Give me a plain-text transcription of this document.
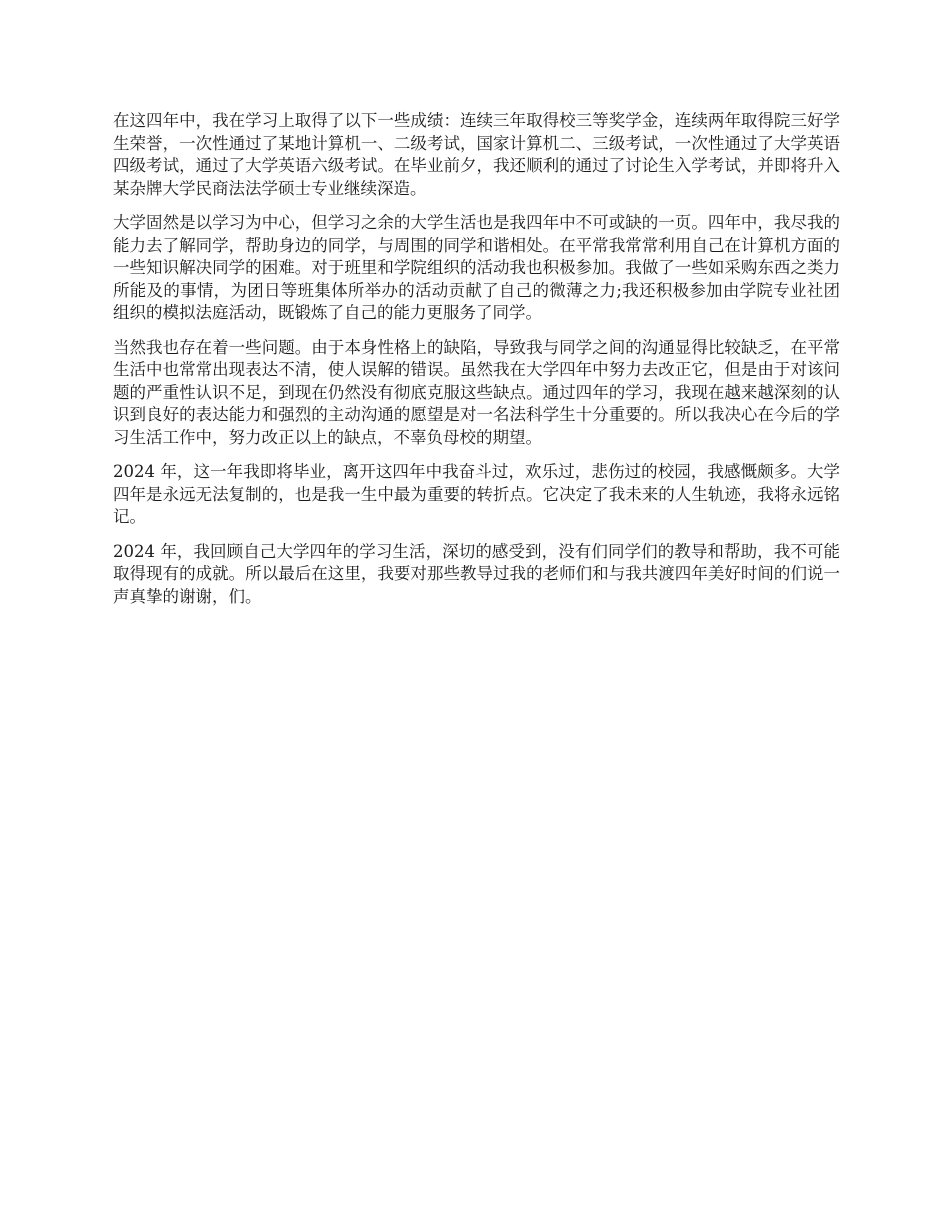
在这四年中，我在学习上取得了以下一些成绩：连续三年取得校三等奖学金，连续两年取得院三好学生荣誉，一次性通过了某地计算机一、二级考试，国家计算机二、三级考试，一次性通过了大学英语四级考试，通过了大学英语六级考试。在毕业前夕，我还顺利的通过了讨论生入学考试，并即将升入某杂牌大学民商法法学硕士专业继续深造。

大学固然是以学习为中心，但学习之余的大学生活也是我四年中不可或缺的一页。四年中，我尽我的能力去了解同学，帮助身边的同学，与周围的同学和谐相处。在平常我常常利用自己在计算机方面的一些知识解决同学的困难。对于班里和学院组织的活动我也积极参加。我做了一些如采购东西之类力所能及的事情，为团日等班集体所举办的活动贡献了自己的微薄之力;我还积极参加由学院专业社团组织的模拟法庭活动，既锻炼了自己的能力更服务了同学。

当然我也存在着一些问题。由于本身性格上的缺陷，导致我与同学之间的沟通显得比较缺乏，在平常生活中也常常出现表达不清，使人误解的错误。虽然我在大学四年中努力去改正它，但是由于对该问题的严重性认识不足，到现在仍然没有彻底克服这些缺点。通过四年的学习，我现在越来越深刻的认识到良好的表达能力和强烈的主动沟通的愿望是对一名法科学生十分重要的。所以我决心在今后的学习生活工作中，努力改正以上的缺点，不辜负母校的期望。

2024 年，这一年我即将毕业，离开这四年中我奋斗过，欢乐过，悲伤过的校园，我感慨颇多。大学四年是永远无法复制的，也是我一生中最为重要的转折点。它决定了我未来的人生轨迹，我将永远铭记。

2024 年，我回顾自己大学四年的学习生活，深切的感受到，没有们同学们的教导和帮助，我不可能取得现有的成就。所以最后在这里，我要对那些教导过我的老师们和与我共渡四年美好时间的们说一声真挚的谢谢，们。
